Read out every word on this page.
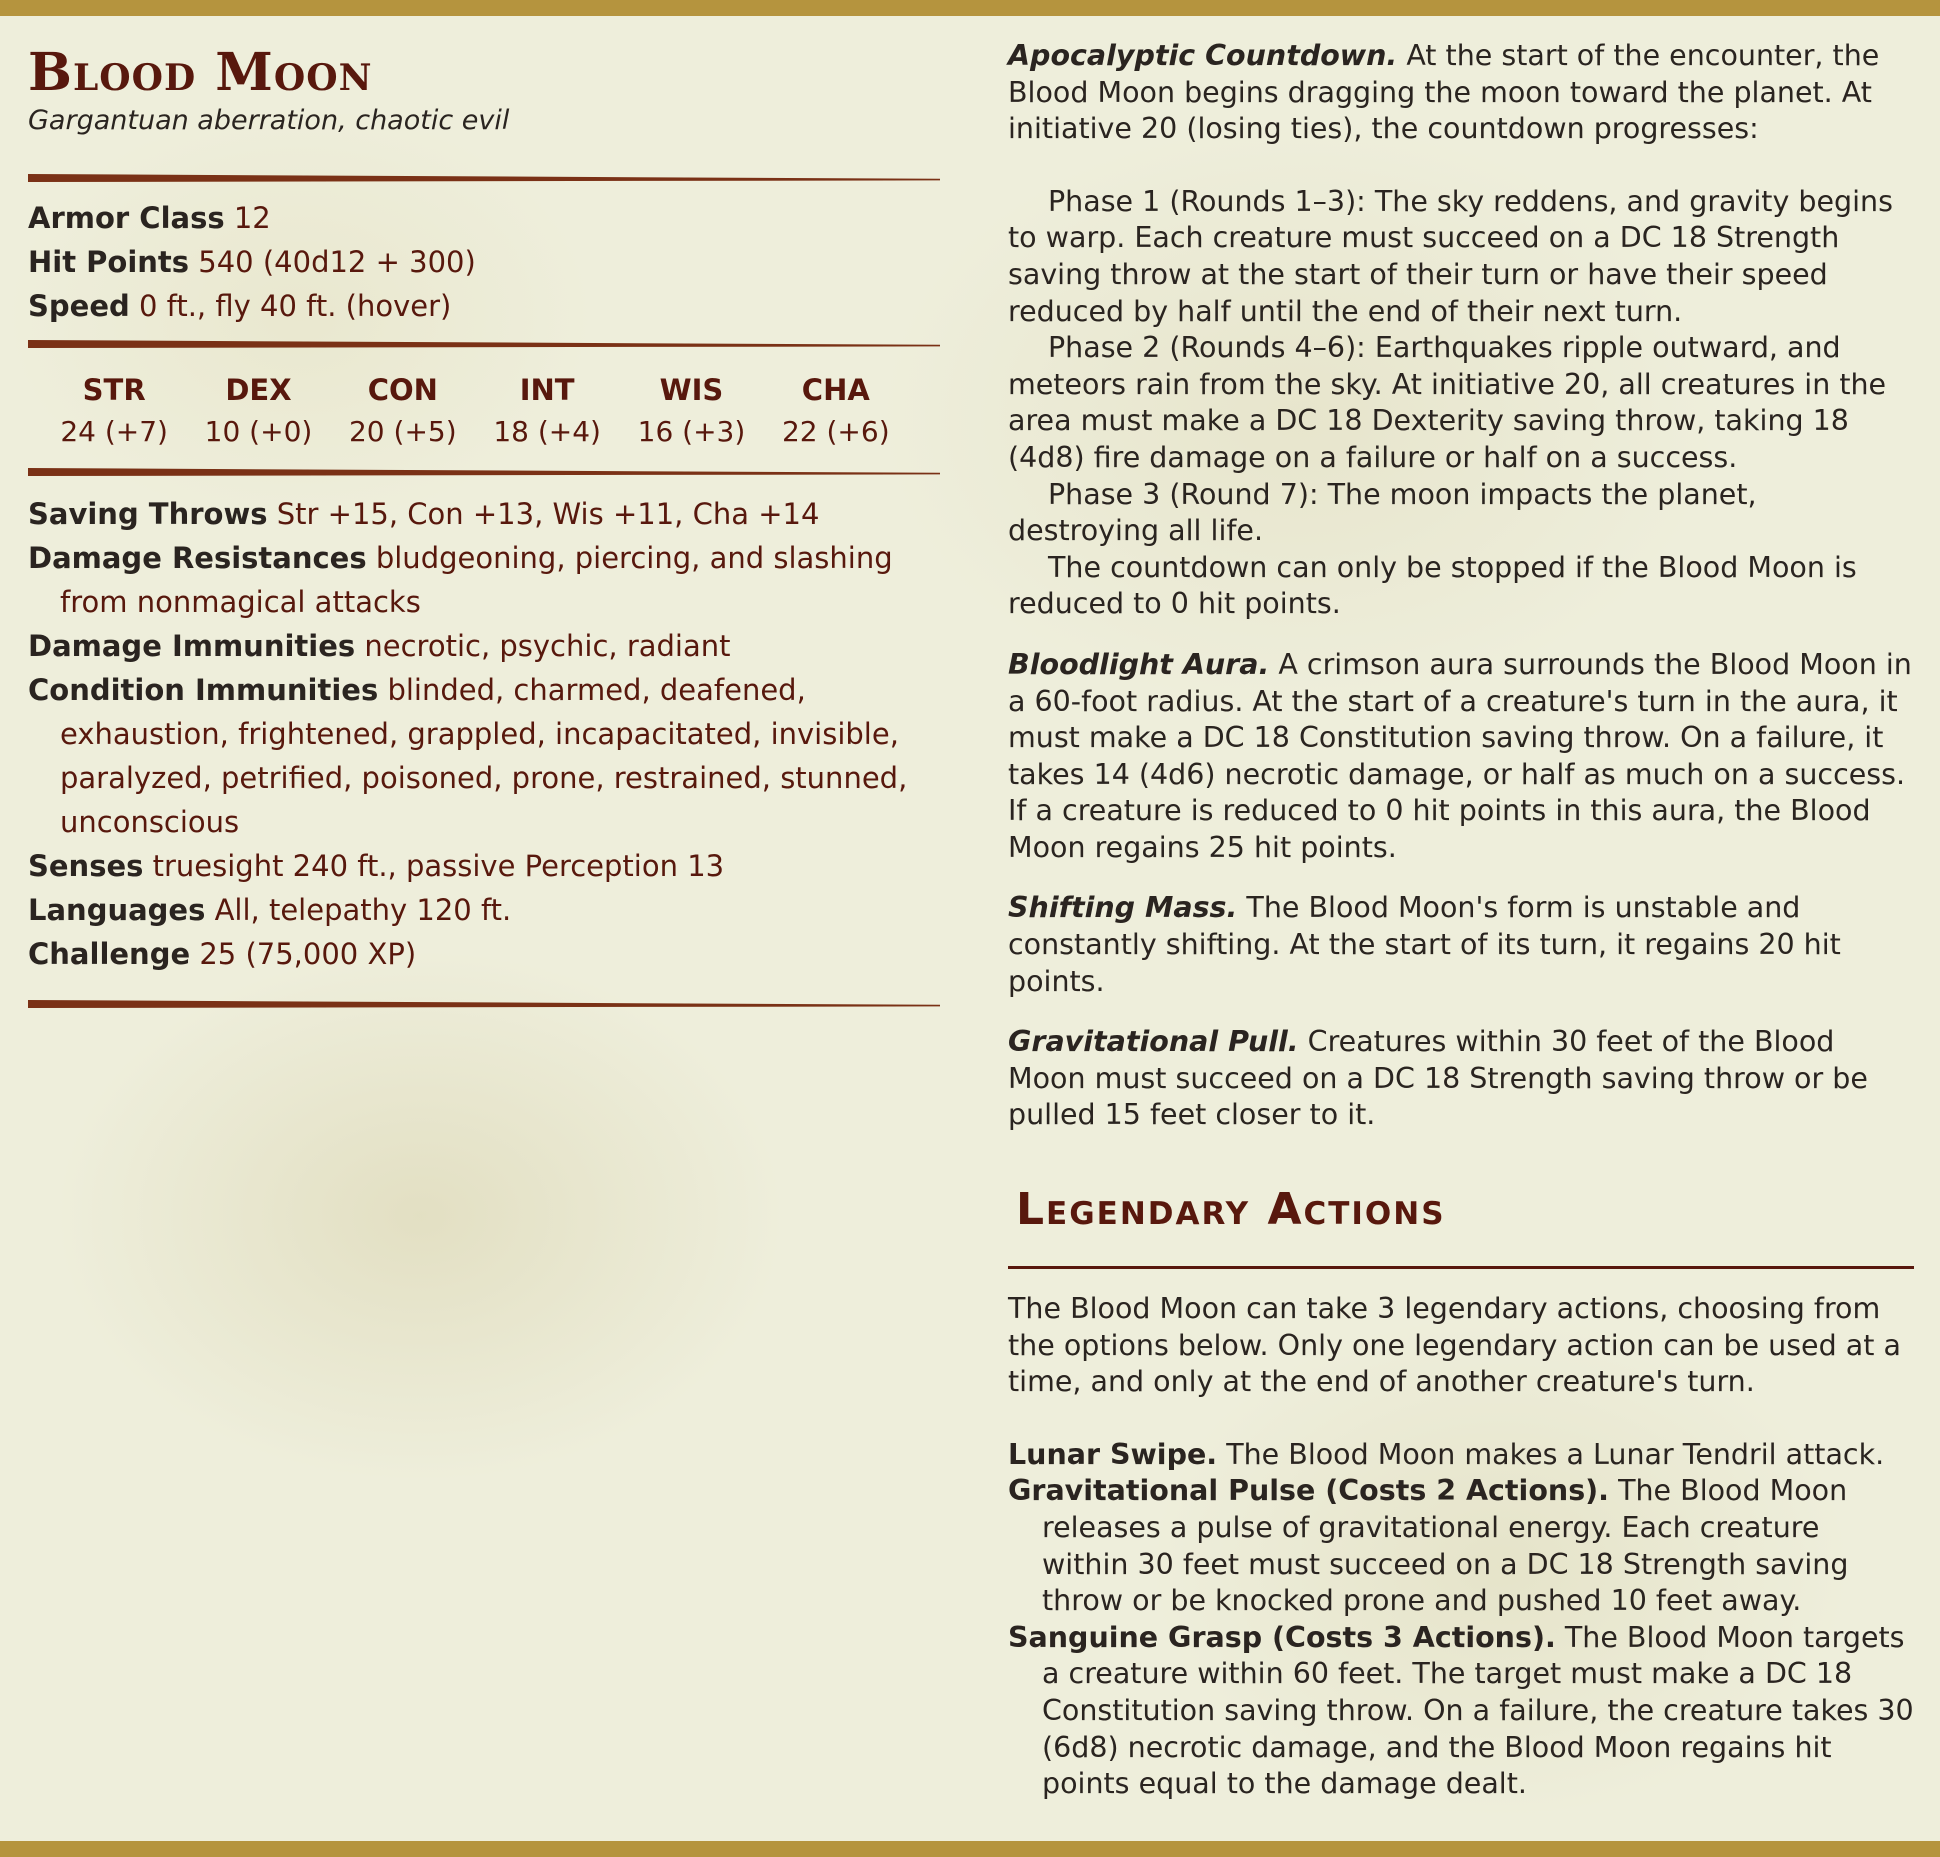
Blood Moon

Gargantuan aberration, chaotic evil

Armor Class 12

Hit Points 540 (40d12 + 300)

Speed 0 ft., fly 40 ft. (hover)

STR
24 (+7)
DEX
10 (+0)
CON
20 (+5)
INT
18 (+4)
WIS
16 (+3)
CHA
22 (+6)

Saving Throws Str +15, Con +13, Wis +11, Cha +14

Damage Resistances bludgeoning, piercing, and slashing from nonmagical attacks

Damage Immunities necrotic, psychic, radiant

Condition Immunities blinded, charmed, deafened, exhaustion, frightened, grappled, incapacitated, invisible, paralyzed, petrified, poisoned, prone, restrained, stunned, unconscious

Senses truesight 240 ft., passive Perception 13

Languages All, telepathy 120 ft.

Challenge 25 (75,000 XP)

Apocalyptic Countdown. At the start of the encounter, the Blood Moon begins dragging the moon toward the planet. At initiative 20 (losing ties), the countdown progresses:

Phase 1 (Rounds 1–3): The sky reddens, and gravity begins to warp. Each creature must succeed on a DC 18 Strength saving throw at the start of their turn or have their speed reduced by half until the end of their next turn.

Phase 2 (Rounds 4–6): Earthquakes ripple outward, and meteors rain from the sky. At initiative 20, all creatures in the area must make a DC 18 Dexterity saving throw, taking 18 (4d8) fire damage on a failure or half on a success.

Phase 3 (Round 7): The moon impacts the planet, destroying all life.

The countdown can only be stopped if the Blood Moon is reduced to 0 hit points.

Bloodlight Aura. A crimson aura surrounds the Blood Moon in a 60-foot radius. At the start of a creature's turn in the aura, it must make a DC 18 Constitution saving throw. On a failure, it takes 14 (4d6) necrotic damage, or half as much on a success. If a creature is reduced to 0 hit points in this aura, the Blood Moon regains 25 hit points.

Shifting Mass. The Blood Moon's form is unstable and constantly shifting. At the start of its turn, it regains 20 hit points.

Gravitational Pull. Creatures within 30 feet of the Blood Moon must succeed on a DC 18 Strength saving throw or be pulled 15 feet closer to it.

Legendary Actions

The Blood Moon can take 3 legendary actions, choosing from the options below. Only one legendary action can be used at a time, and only at the end of another creature's turn.

Lunar Swipe. The Blood Moon makes a Lunar Tendril attack.

Gravitational Pulse (Costs 2 Actions). The Blood Moon releases a pulse of gravitational energy. Each creature within 30 feet must succeed on a DC 18 Strength saving throw or be knocked prone and pushed 10 feet away.

Sanguine Grasp (Costs 3 Actions). The Blood Moon targets a creature within 60 feet. The target must make a DC 18 Constitution saving throw. On a failure, the creature takes 30 (6d8) necrotic damage, and the Blood Moon regains hit points equal to the damage dealt.
